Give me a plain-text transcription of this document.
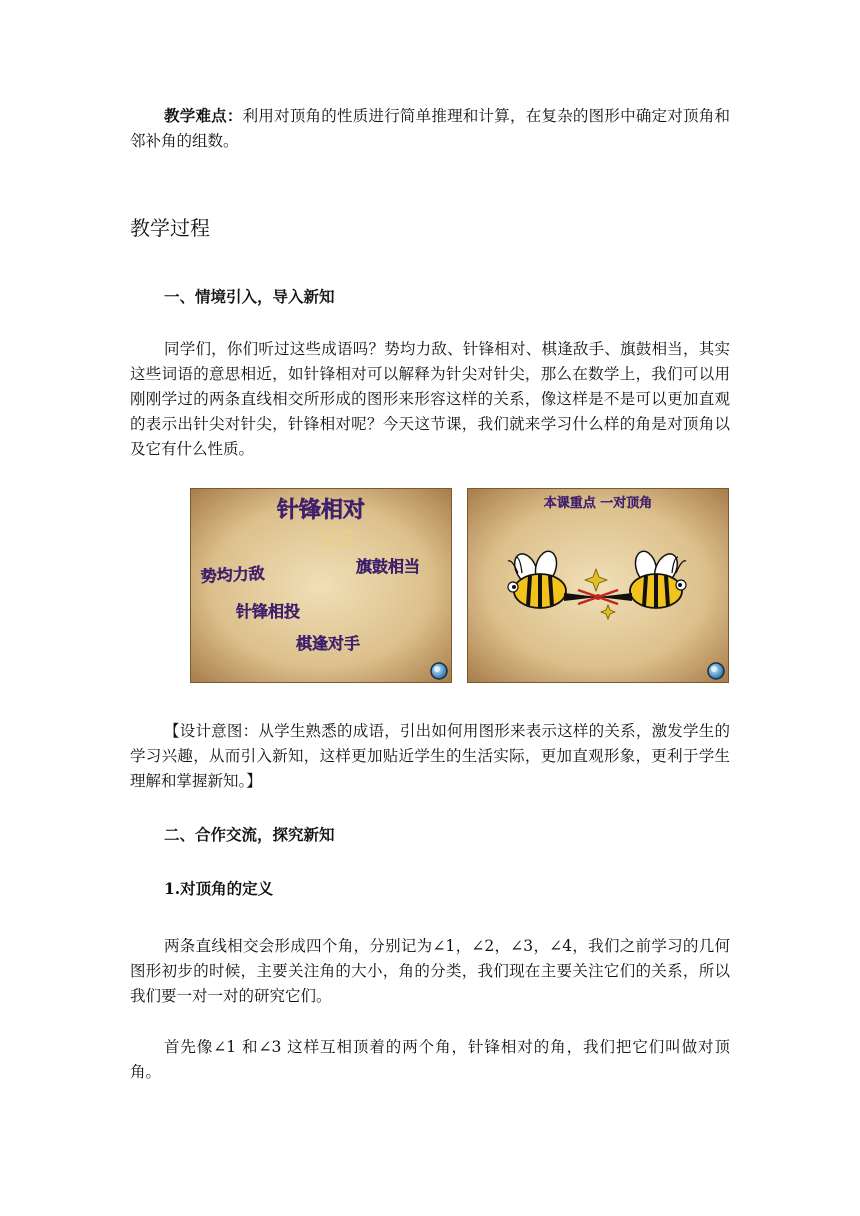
教学难点：利用对顶角的性质进行简单推理和计算，在复杂的图形中确定对顶角和邻补角的组数。

教学过程
一、情境引入，导入新知

同学们，你们听过这些成语吗？势均力敌、针锋相对、棋逢敌手、旗鼓相当，其实这些词语的意思相近，如针锋相对可以解释为针尖对针尖，那么在数学上，我们可以用刚刚学过的两条直线相交所形成的图形来形容这样的关系，像这样是不是可以更加直观的表示出针尖对针尖，针锋相对呢？今天这节课，我们就来学习什么样的角是对顶角以及它有什么性质。

针锋相对
VS
势均力敌	旗鼓相当
针锋相投
棋逢对手
本课重点 一对顶角

【设计意图：从学生熟悉的成语，引出如何用图形来表示这样的关系，激发学生的学习兴趣，从而引入新知，这样更加贴近学生的生活实际，更加直观形象，更利于学生理解和掌握新知。】

二、合作交流，探究新知
1.对顶角的定义

两条直线相交会形成四个角，分别记为∠1，∠2，∠3，∠4，我们之前学习的几何图形初步的时候，主要关注角的大小，角的分类，我们现在主要关注它们的关系，所以我们要一对一对的研究它们。

首先像∠1 和∠3 这样互相顶着的两个角，针锋相对的角，我们把它们叫做对顶角。
